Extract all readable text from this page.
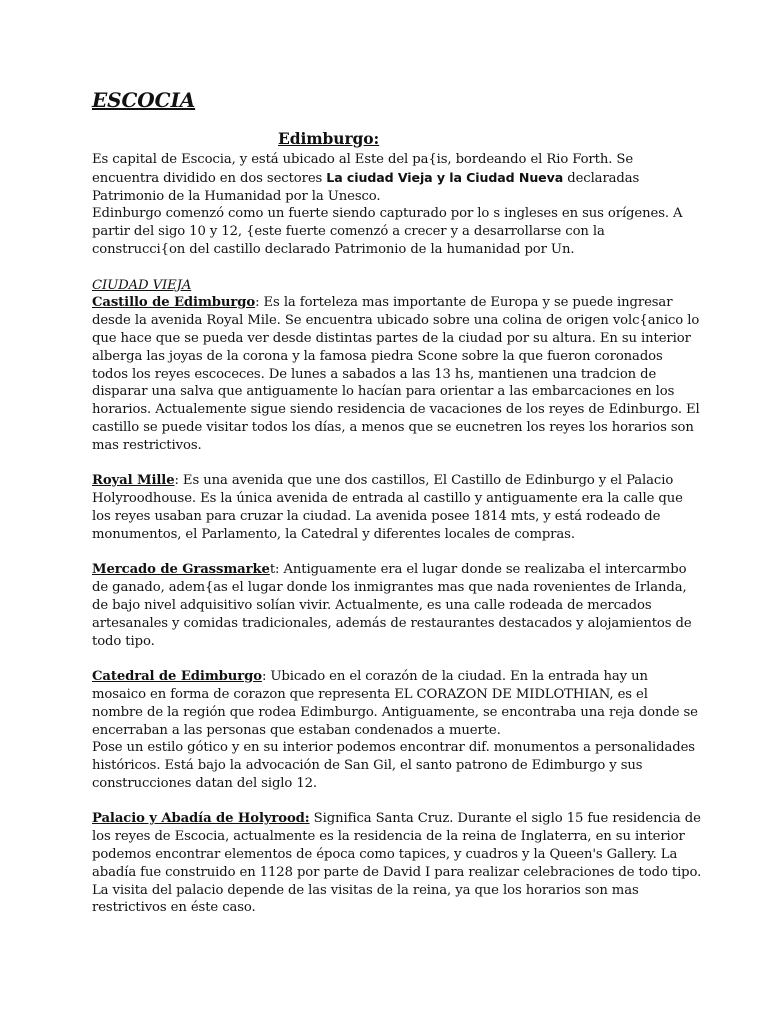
ESCOCIA
Edimburgo:

Es capital de Escocia, y está ubicado al Este del pa{is, bordeando el Rio Forth. Se encuentra dividido en dos sectores La ciudad Vieja y la Ciudad Nueva declaradas Patrimonio de la Humanidad por la Unesco.

Edinburgo comenzó como un fuerte siendo capturado por lo s ingleses en sus orígenes. A partir del sigo 10 y 12, {este fuerte comenzó a crecer y a desarrollarse con la construcci{on del castillo declarado Patrimonio de la humanidad por Un.

CIUDAD VIEJA

Castillo de Edimburgo: Es la forteleza mas importante de Europa y se puede ingresar desde la avenida Royal Mile. Se encuentra ubicado sobre una colina de origen volc{anico lo que hace que se pueda ver desde distintas partes de la ciudad por su altura. En su interior alberga las joyas de la corona y la famosa piedra Scone sobre la que fueron coronados todos los reyes escoceces. De lunes a sabados a las 13 hs, mantienen una tradcion de disparar una salva que antiguamente lo hacían para orientar a las embarcaciones en los horarios. Actualemente sigue siendo residencia de vacaciones de los reyes de Edinburgo. El castillo se puede visitar todos los días, a menos que se eucnetren los reyes los horarios son mas restrictivos.

Royal Mille: Es una avenida que une dos castillos, El Castillo de Edinburgo y el Palacio Holyroodhouse. Es la única avenida de entrada al castillo y antiguamente era la calle que los reyes usaban para cruzar la ciudad. La avenida posee 1814 mts, y está rodeado de monumentos, el Parlamento, la Catedral y diferentes locales de compras.

Mercado de Grassmarket: Antiguamente era el lugar donde se realizaba el intercarmbo de ganado, adem{as el lugar donde los inmigrantes mas que nada rovenientes de Irlanda, de bajo nivel adquisitivo solían vivir. Actualmente, es una calle rodeada de mercados artesanales y comidas tradicionales, además de restaurantes destacados y alojamientos de todo tipo.

Catedral de Edimburgo: Ubicado en el corazón de la ciudad. En la entrada hay un mosaico en forma de corazon que representa EL CORAZON DE MIDLOTHIAN, es el nombre de la región que rodea Edimburgo. Antiguamente, se encontraba una reja donde se encerraban a las personas que estaban condenados a muerte.

Pose un estilo gótico y en su interior podemos encontrar dif. monumentos a personalidades históricos. Está bajo la advocación de San Gil, el santo patrono de Edimburgo y sus construcciones datan del siglo 12.

Palacio y Abadía de Holyrood: Significa Santa Cruz. Durante el siglo 15 fue residencia de los reyes de Escocia, actualmente es la residencia de la reina de Inglaterra, en su interior podemos encontrar elementos de época como tapices, y cuadros y la Queen's Gallery. La abadía fue construido en 1128 por parte de David I para realizar celebraciones de todo tipo. La visita del palacio depende de las visitas de la reina, ya que los horarios son mas restrictivos en éste caso.
